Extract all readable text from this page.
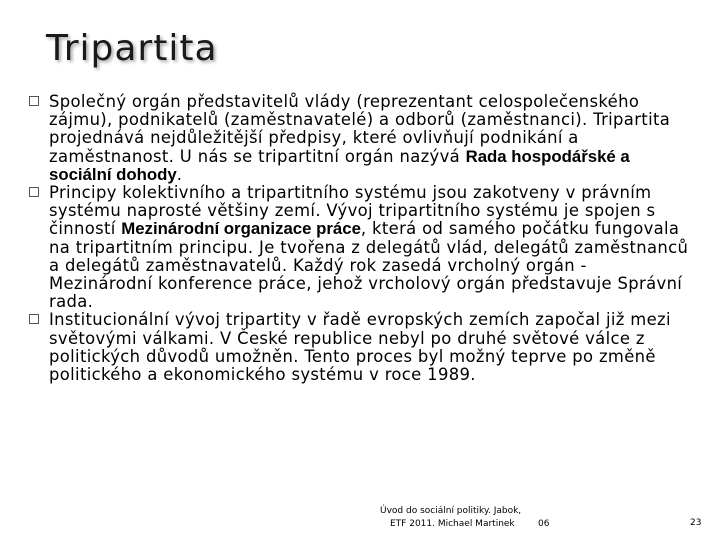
Tripartita
Společný orgán představitelů vlády (reprezentant celospolečenského zájmu), podnikatelů (zaměstnavatelé) a odborů (zaměstnanci). Tripartita projednává nejdůležitější předpisy, které ovlivňují podnikání a zaměstnanost. U nás se tripartitní orgán nazývá Rada hospodářské a sociální dohody.
Principy kolektivního a tripartitního systému jsou zakotveny v právním systému naprosté většiny zemí. Vývoj tripartitního systému je spojen s činností Mezinárodní organizace práce, která od samého počátku fungovala na tripartitním principu. Je tvořena z delegátů vlád, delegátů zaměstnanců a delegátů zaměstnavatelů. Každý rok zasedá vrcholný orgán - Mezinárodní konference práce, jehož vrcholový orgán představuje Správní rada.
Institucionální vývoj tripartity v řadě evropských zemích započal již mezi světovými válkami. V České republice nebyl po druhé světové válce z politických důvodů umožněn. Tento proces byl možný teprve po změně politického a ekonomického systému v roce 1989.
Úvod do sociální politiky. Jabok,
ETF 2011. Michael Martinek	06	23
